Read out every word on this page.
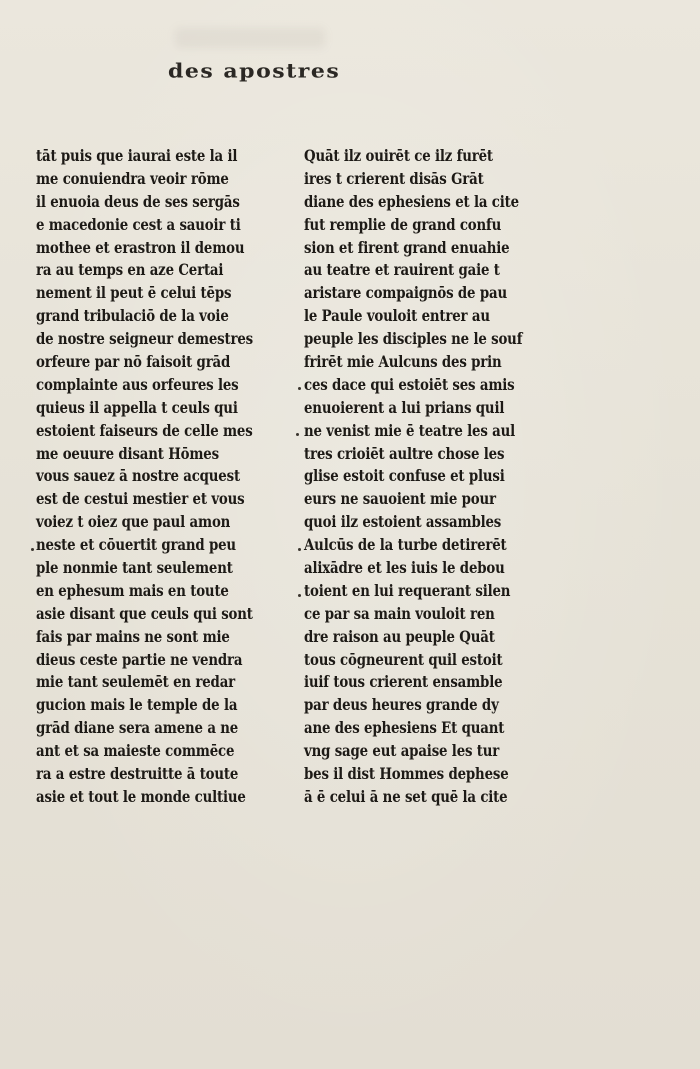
des apostres
tāt puis que iaurai este la il
me conuiendra veoir rōme
il enuoia deus de ses sergās
e macedonie cest a sauoir ti
mothee et erastron il demou
ra au temps en aze Certai
nement il peut ē celui tēps
grand tribulaciō de la voie
de nostre seigneur demestres
orfeure par nō faisoit grād
complainte aus orfeures les
quieus il appella t ceuls qui
estoient faiseurs de celle mes
me oeuure disant Hōmes
vous sauez ā nostre acquest
est de cestui mestier et vous
voiez t oiez que paul amon
neste et cōuertit grand peu
ple nonmie tant seulement
en ephesum mais en toute
asie disant que ceuls qui sont
fais par mains ne sont mie
dieus ceste partie ne vendra
mie tant seulemēt en redar
gucion mais le temple de la
grād diane sera amene a ne
ant et sa maieste commēce
ra a estre destruitte ā toute
asie et tout le monde cultiue
Quāt ilz ouirēt ce ilz furēt
ires t crierent disās Grāt
diane des ephesiens et la cite
fut remplie de grand confu
sion et firent grand enuahie
au teatre et rauirent gaie t
aristare compaignōs de pau
le Paule vouloit entrer au
peuple les disciples ne le souf
frirēt mie Aulcuns des prin
ces dace qui estoiēt ses amis
enuoierent a lui prians quil
ne venist mie ē teatre les aul
tres crioiēt aultre chose les
glise estoit confuse et plusi
eurs ne sauoient mie pour
quoi ilz estoient assambles
Aulcūs de la turbe detirerēt
alixādre et les iuis le debou
toient en lui requerant silen
ce par sa main vouloit ren
dre raison au peuple Quāt
tous cōgneurent quil estoit
iuif tous crierent ensamble
par deus heures grande dy
ane des ephesiens Et quant
vng sage eut apaise les tur
bes il dist Hommes dephese
ā ē celui ā ne set quē la cite
